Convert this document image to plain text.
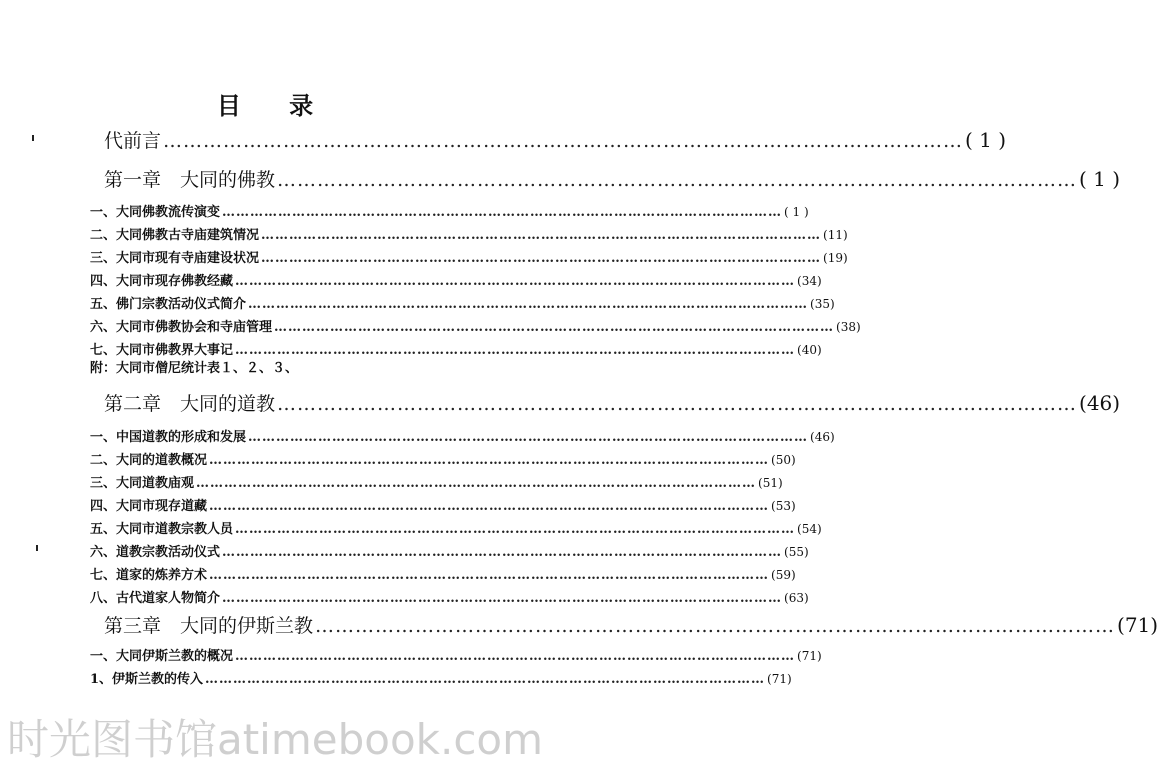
目 录
代前言 ………………………………………………………………………………………………………… ( 1 )
第一章　大同的佛教 ………………………………………………………………………………………………………… ( 1 )
一、大同佛教流传演变 ………………………………………………………………………………………………………… ( 1 )
二、大同佛教古寺庙建筑情况 ………………………………………………………………………………………………………… (11)
三、大同市现有寺庙建设状况 ………………………………………………………………………………………………………… (19)
四、大同市现存佛教经藏 ………………………………………………………………………………………………………… (34)
五、佛门宗教活动仪式简介 ………………………………………………………………………………………………………… (35)
六、大同市佛教协会和寺庙管理 ………………………………………………………………………………………………………… (38)
七、大同市佛教界大事记 ………………………………………………………………………………………………………… (40)
附：大同市僧尼统计表１、２、３、
第二章　大同的道教 ………………………………………………………………………………………………………… (46)
一、中国道教的形成和发展 ………………………………………………………………………………………………………… (46)
二、大同的道教概况 ………………………………………………………………………………………………………… (50)
三、大同道教庙观 ………………………………………………………………………………………………………… (51)
四、大同市现存道藏 ………………………………………………………………………………………………………… (53)
五、大同市道教宗教人员 ………………………………………………………………………………………………………… (54)
六、道教宗教活动仪式 ………………………………………………………………………………………………………… (55)
七、道家的炼养方术 ………………………………………………………………………………………………………… (59)
八、古代道家人物简介 ………………………………………………………………………………………………………… (63)
第三章　大同的伊斯兰教 ………………………………………………………………………………………………………… (71)
一、大同伊斯兰教的概况 ………………………………………………………………………………………………………… (71)
1、伊斯兰教的传入 ………………………………………………………………………………………………………… (71)
时光图书馆atimebook.com
